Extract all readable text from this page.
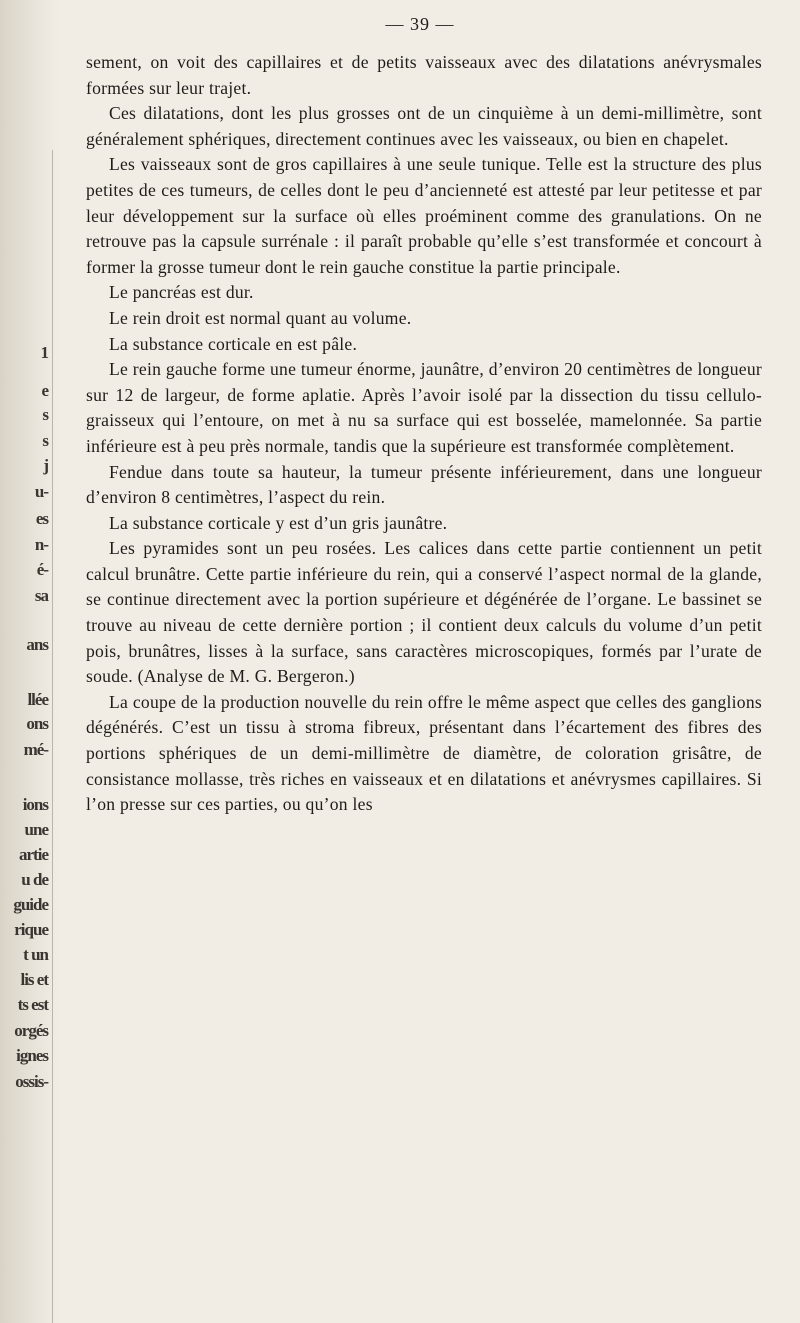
1
e
s
s
j
u-
es
n-
é-
sa
ans
llée
ons
mé-
ions
une
artie
u de
guide
rique
t un
lis et
ts est
orgés
ignes
ossis-
— 39 —

sement, on voit des capillaires et de petits vaisseaux avec des dilatations anévrysmales formées sur leur trajet.

Ces dilatations, dont les plus grosses ont de un cinquième à un demi-millimètre, sont généralement sphériques, directement continues avec les vaisseaux, ou bien en chapelet.

Les vaisseaux sont de gros capillaires à une seule tunique. Telle est la structure des plus petites de ces tumeurs, de celles dont le peu d’ancienneté est attesté par leur petitesse et par leur développement sur la surface où elles proéminent comme des granulations. On ne retrouve pas la capsule surrénale : il paraît probable qu’elle s’est transformée et concourt à former la grosse tumeur dont le rein gauche constitue la partie principale.

Le pancréas est dur.

Le rein droit est normal quant au volume.

La substance corticale en est pâle.

Le rein gauche forme une tumeur énorme, jaunâtre, d’environ 20 centimètres de longueur sur 12 de largeur, de forme aplatie. Après l’avoir isolé par la dissection du tissu cellulo-graisseux qui l’entoure, on met à nu sa surface qui est bosselée, mamelonnée. Sa partie inférieure est à peu près normale, tandis que la supérieure est transformée complètement.

Fendue dans toute sa hauteur, la tumeur présente inférieurement, dans une longueur d’environ 8 centimètres, l’aspect du rein.

La substance corticale y est d’un gris jaunâtre.

Les pyramides sont un peu rosées. Les calices dans cette partie contiennent un petit calcul brunâtre. Cette partie inférieure du rein, qui a conservé l’aspect normal de la glande, se continue directement avec la portion supérieure et dégénérée de l’organe. Le bassinet se trouve au niveau de cette dernière portion ; il contient deux calculs du volume d’un petit pois, brunâtres, lisses à la surface, sans caractères microscopiques, formés par l’urate de soude. (Analyse de M. G. Bergeron.)

La coupe de la production nouvelle du rein offre le même aspect que celles des ganglions dégénérés. C’est un tissu à stroma fibreux, présentant dans l’écartement des fibres des portions sphériques de un demi-millimètre de diamètre, de coloration grisâtre, de consistance mollasse, très riches en vaisseaux et en dilatations et anévrysmes capillaires. Si l’on presse sur ces parties, ou qu’on les
